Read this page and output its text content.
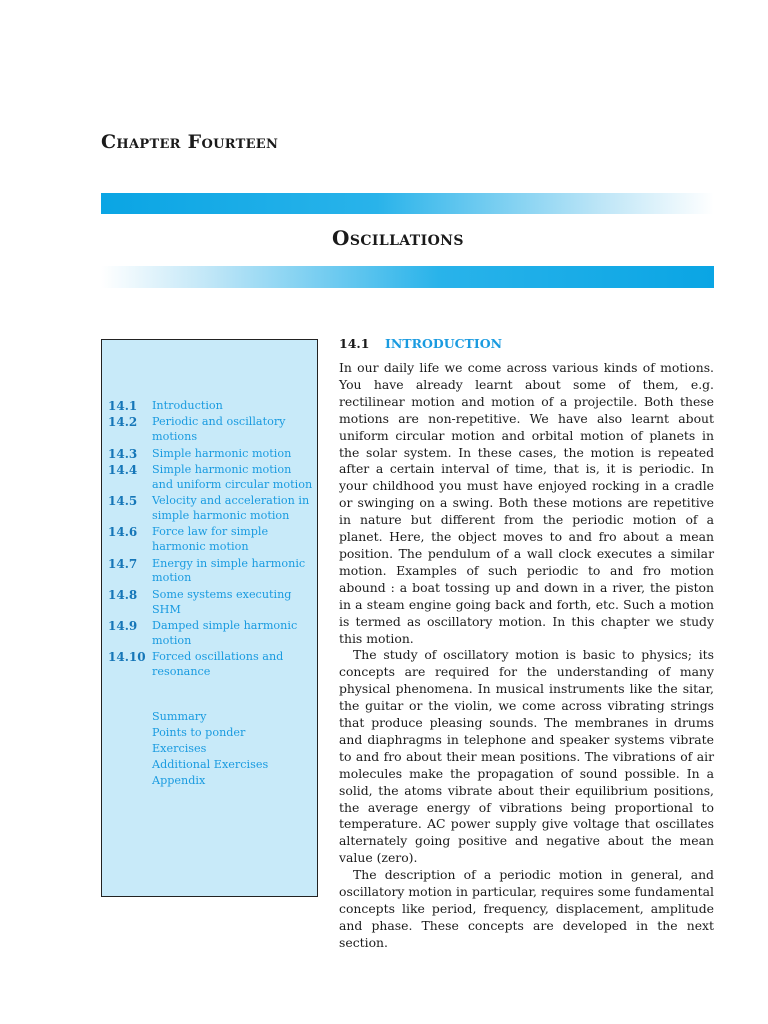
Chapter Fourteen
Oscillations
14.1	Introduction
14.2	Periodic and oscillatory motions
14.3	Simple harmonic motion
14.4	Simple harmonic motion and uniform circular motion
14.5	Velocity and acceleration in simple harmonic motion
14.6	Force law for simple harmonic motion
14.7	Energy in simple harmonic motion
14.8	Some systems executing SHM
14.9	Damped simple harmonic motion
14.10 Forced oscillations and resonance
Summary
Points to ponder
Exercises
Additional Exercises
Appendix
14.1 INTRODUCTION

In our daily life we come across various kinds of motions. You have already learnt about some of them, e.g. rectilinear motion and motion of a projectile. Both these motions are non-repetitive. We have also learnt about uniform circular motion and orbital motion of planets in the solar system. In these cases, the motion is repeated after a certain interval of time, that is, it is periodic. In your childhood you must have enjoyed rocking in a cradle or swinging on a swing. Both these motions are repetitive in nature but different from the periodic motion of a planet. Here, the object moves to and fro about a mean position. The pendulum of a wall clock executes a similar motion. Examples of such periodic to and fro motion abound : a boat tossing up and down in a river, the piston in a steam engine going back and forth, etc. Such a motion is termed as oscillatory motion. In this chapter we study this motion.

The study of oscillatory motion is basic to physics; its concepts are required for the understanding of many physical phenomena. In musical instruments like the sitar, the guitar or the violin, we come across vibrating strings that produce pleasing sounds. The membranes in drums and diaphragms in telephone and speaker systems vibrate to and fro about their mean positions. The vibrations of air molecules make the propagation of sound possible. In a solid, the atoms vibrate about their equilibrium positions, the average energy of vibrations being proportional to temperature. AC power supply give voltage that oscillates alternately going positive and negative about the mean value (zero).

The description of a periodic motion in general, and oscillatory motion in particular, requires some fundamental concepts like period, frequency, displacement, amplitude and phase. These concepts are developed in the next section.
